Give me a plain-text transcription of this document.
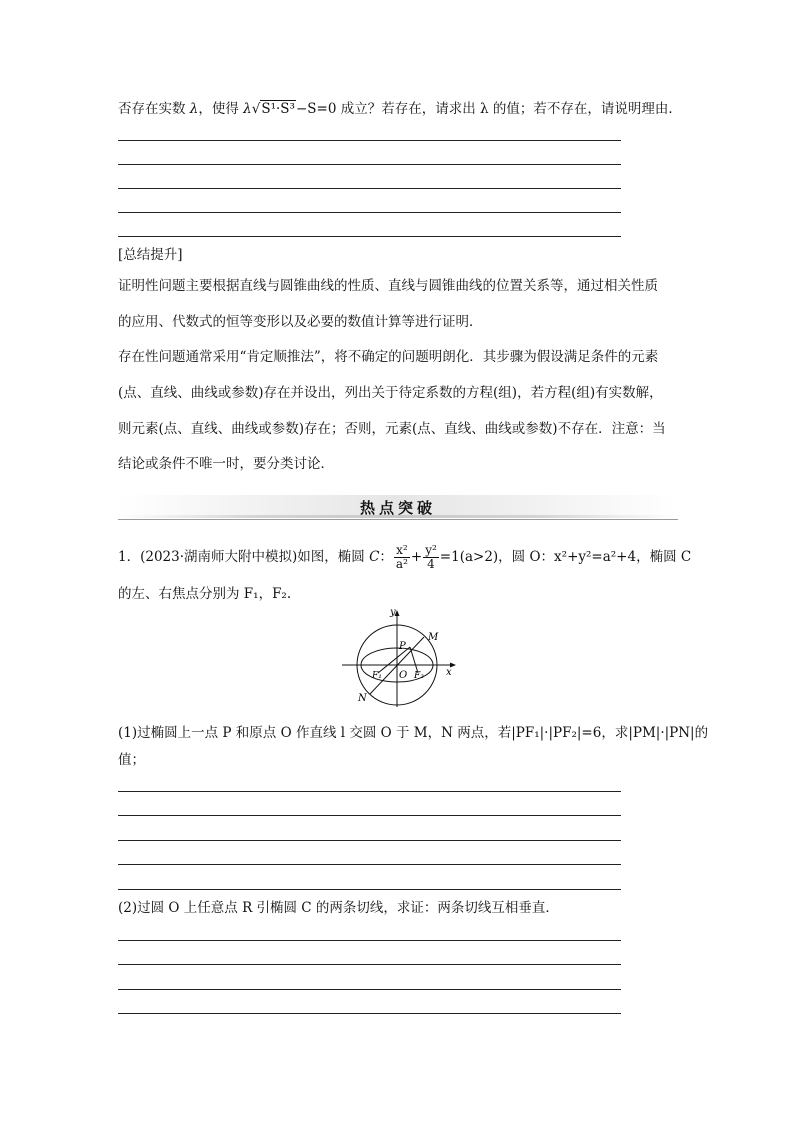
否存在实数 λ，使得 λ√S¹·S³−S=0 成立？若存在，请求出 λ 的值；若不存在，请说明理由．
[总结提升]
证明性问题主要根据直线与圆锥曲线的性质、直线与圆锥曲线的位置关系等，通过相关性质
的应用、代数式的恒等变形以及必要的数值计算等进行证明．
存在性问题通常采用“肯定顺推法”，将不确定的问题明朗化．其步骤为假设满足条件的元素
(点、直线、曲线或参数)存在并设出，列出关于待定系数的方程(组)，若方程(组)有实数解，
则元素(点、直线、曲线或参数)存在；否则，元素(点、直线、曲线或参数)不存在．注意：当
结论或条件不唯一时，要分类讨论．
热点突破
1．(2023·湖南师大附中模拟)如图，椭圆 C： $\frac{\text{x²}}{\text{a²}} + \frac{\text{y²}}{4} =1(a>2)$，圆 O：x²+y²=a²+4，椭圆 C
的左、右焦点分别为 F₁，F₂.
y
x
M
P
N
F₁ O F₂
(1)过椭圆上一点 P 和原点 O 作直线 l 交圆 O 于 M，N 两点，若|PF₁|·|PF₂|=6，求|PM|·|PN|的
值；
(2)过圆 O 上任意点 R 引椭圆 C 的两条切线，求证：两条切线互相垂直．
